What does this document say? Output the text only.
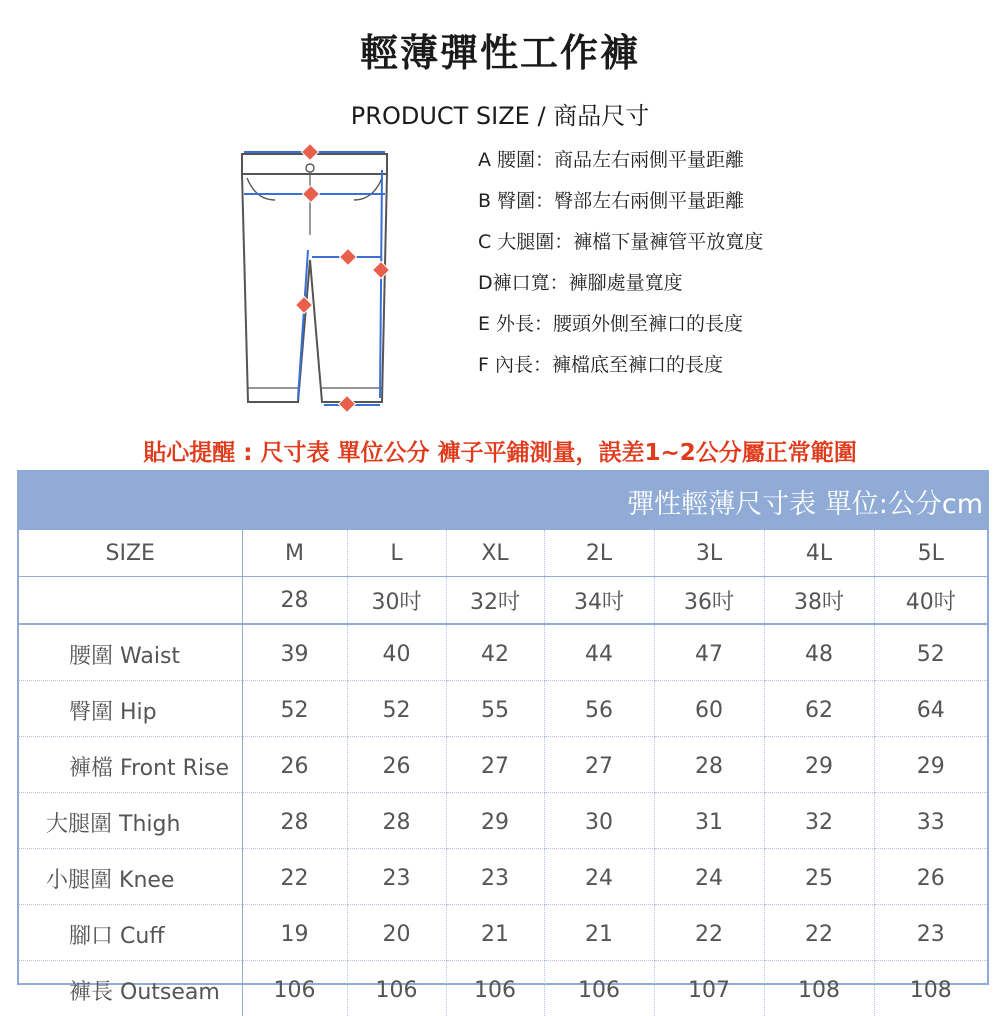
輕薄彈性工作褲
PRODUCT SIZE / 商品尺寸
A 腰圍：商品左右兩側平量距離
B 臀圍：臀部左右兩側平量距離
C 大腿圍：褲檔下量褲管平放寬度
D褲口寬：褲腳處量寬度
E 外長：腰頭外側至褲口的長度
F 內長：褲檔底至褲口的長度
貼心提醒 : 尺寸表 單位公分 褲子平鋪測量，誤差1~2公分屬正常範圍
彈性輕薄尺寸表 單位:公分cm
SIZE	M	L	XL	2L	3L	4L	5L
	28	30吋	32吋	34吋	36吋	38吋	40吋
腰圍 Waist	39	40	42	44	47	48	52
臀圍 Hip	52	52	55	56	60	62	64
褲檔 Front Rise	26	26	27	27	28	29	29
大腿圍 Thigh	28	28	29	30	31	32	33
小腿圍 Knee	22	23	23	24	24	25	26
腳口 Cuff	19	20	21	21	22	22	23
褲長 Outseam	106	106	106	106	107	108	108
